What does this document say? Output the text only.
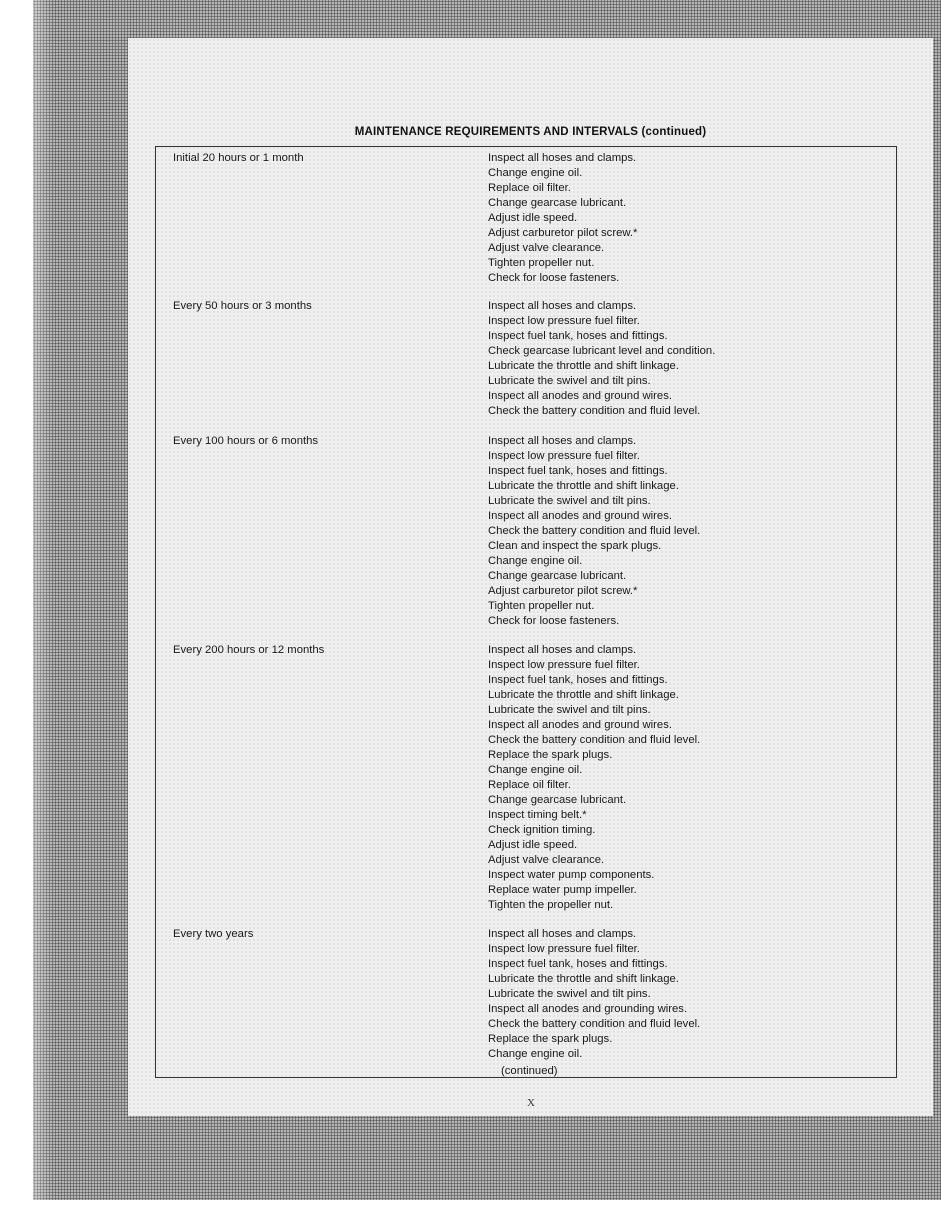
MAINTENANCE REQUIREMENTS AND INTERVALS (continued)
Initial 20 hours or 1 month	Inspect all hoses and clamps.
Change engine oil.
Replace oil filter.
Change gearcase lubricant.
Adjust idle speed.
Adjust carburetor pilot screw.*
Adjust valve clearance.
Tighten propeller nut.
Check for loose fasteners.
Every 50 hours or 3 months	Inspect all hoses and clamps.
Inspect low pressure fuel filter.
Inspect fuel tank, hoses and fittings.
Check gearcase lubricant level and condition.
Lubricate the throttle and shift linkage.
Lubricate the swivel and tilt pins.
Inspect all anodes and ground wires.
Check the battery condition and fluid level.
Every 100 hours or 6 months	Inspect all hoses and clamps.
Inspect low pressure fuel filter.
Inspect fuel tank, hoses and fittings.
Lubricate the throttle and shift linkage.
Lubricate the swivel and tilt pins.
Inspect all anodes and ground wires.
Check the battery condition and fluid level.
Clean and inspect the spark plugs.
Change engine oil.
Change gearcase lubricant.
Adjust carburetor pilot screw.*
Tighten propeller nut.
Check for loose fasteners.
Every 200 hours or 12 months	Inspect all hoses and clamps.
Inspect low pressure fuel filter.
Inspect fuel tank, hoses and fittings.
Lubricate the throttle and shift linkage.
Lubricate the swivel and tilt pins.
Inspect all anodes and ground wires.
Check the battery condition and fluid level.
Replace the spark plugs.
Change engine oil.
Replace oil filter.
Change gearcase lubricant.
Inspect timing belt.*
Check ignition timing.
Adjust idle speed.
Adjust valve clearance.
Inspect water pump components.
Replace water pump impeller.
Tighten the propeller nut.
Every two years	Inspect all hoses and clamps.
Inspect low pressure fuel filter.
Inspect fuel tank, hoses and fittings.
Lubricate the throttle and shift linkage.
Lubricate the swivel and tilt pins.
Inspect all anodes and grounding wires.
Check the battery condition and fluid level.
Replace the spark plugs.
Change engine oil.
(continued)
X
